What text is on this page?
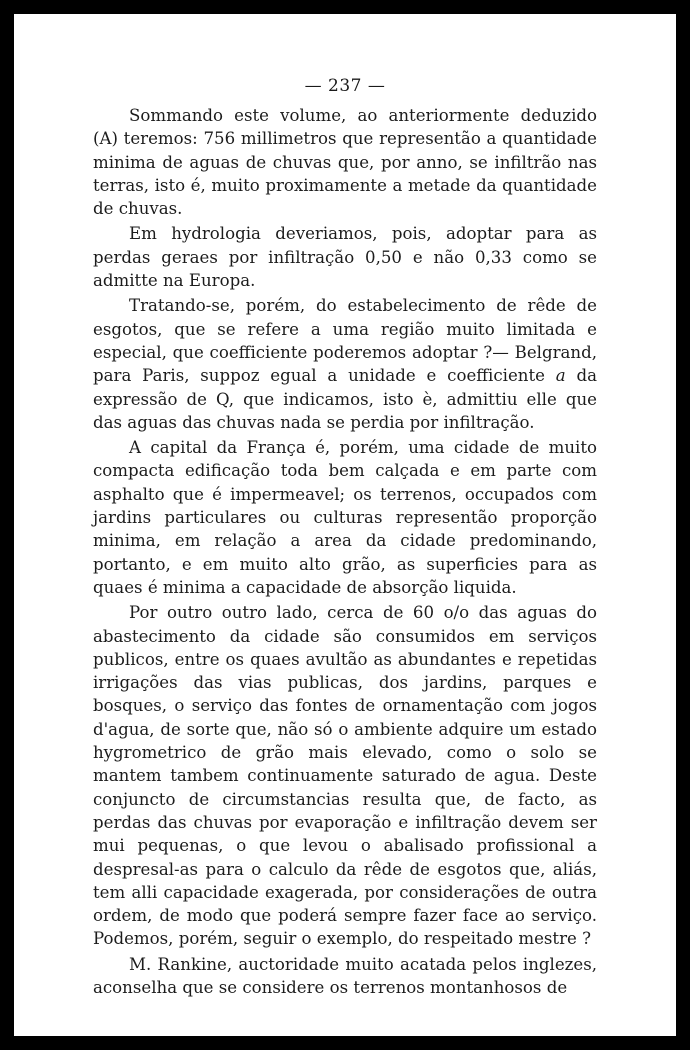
— 237 —

Sommando este volume, ao anteriormente deduzido (A) teremos: 756 millimetros que representão a quantidade minima de aguas de chuvas que, por anno, se infiltrão nas terras, isto é, muito proximamente a metade da quantidade de chuvas.

Em hydrologia deveriamos, pois, adoptar para as perdas geraes por infiltração 0,50 e não 0,33 como se admitte na Europa.

Tratando-se, porém, do estabelecimento de rêde de esgotos, que se refere a uma região muito limitada e especial, que coefficiente poderemos adoptar ?— Belgrand, para Paris, suppoz egual a unidade e coefficiente a da expressão de Q, que indicamos, isto è, admittiu elle que das aguas das chuvas nada se perdia por infiltração.

A capital da França é, porém, uma cidade de muito compacta edificação toda bem calçada e em parte com asphalto que é impermeavel; os terrenos, occupados com jardins particulares ou culturas representão proporção minima, em relação a area da cidade predominando, portanto, e em muito alto grão, as superficies para as quaes é minima a capacidade de absorção liquida.

Por outro outro lado, cerca de 60 o/o das aguas do abastecimento da cidade são consumidos em serviços publicos, entre os quaes avultão as abundantes e repetidas irrigações das vias publicas, dos jardins, parques e bosques, o serviço das fontes de ornamentação com jogos d'agua, de sorte que, não só o ambiente adquire um estado hygrometrico de grão mais elevado, como o solo se mantem tambem continuamente saturado de agua. Deste conjuncto de circumstancias resulta que, de facto, as perdas das chuvas por evaporação e infiltração devem ser mui pequenas, o que levou o abalisado profissional a despresal-as para o calculo da rêde de esgotos que, aliás, tem alli capacidade exagerada, por considerações de outra ordem, de modo que poderá sempre fazer face ao serviço. Podemos, porém, seguir o exemplo, do respeitado mestre ?

M. Rankine, auctoridade muito acatada pelos inglezes, aconselha que se considere os terrenos montanhosos de
